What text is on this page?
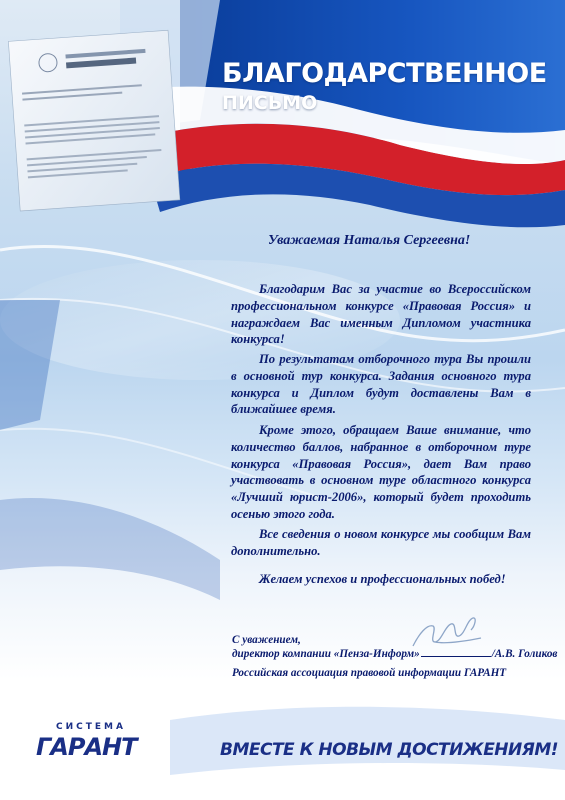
БЛАГОДАРСТВЕННОЕ
ПИСЬМО
Уважаемая Наталья Сергеевна!
Благодарим Вас за участие во Всероссийском профессиональном конкурсе «Правовая Россия» и награждаем Вас именным Дипломом участника конкурса!
По результатам отборочного тура Вы прошли в основной тур конкурса. Задания основного тура конкурса и Диплом будут доставлены Вам в ближайшее время.
Кроме этого, обращаем Ваше внимание, что количество баллов, набранное в отборочном туре конкурса «Правовая Россия», дает Вам право участвовать в основном туре областного конкурса «Лучший юрист-2006», который будет проходить осенью этого года.
Все сведения о новом конкурсе мы сообщим Вам дополнительно.
Желаем успехов и профессиональных побед!
С уважением,
директор компании «Пенза-Информ»	/А.В. Голиков
Российская ассоциация правовой информации ГАРАНТ
СИСТЕМА
ГАРАНТ	ВМЕСТЕ К НОВЫМ ДОСТИЖЕНИЯМ!
